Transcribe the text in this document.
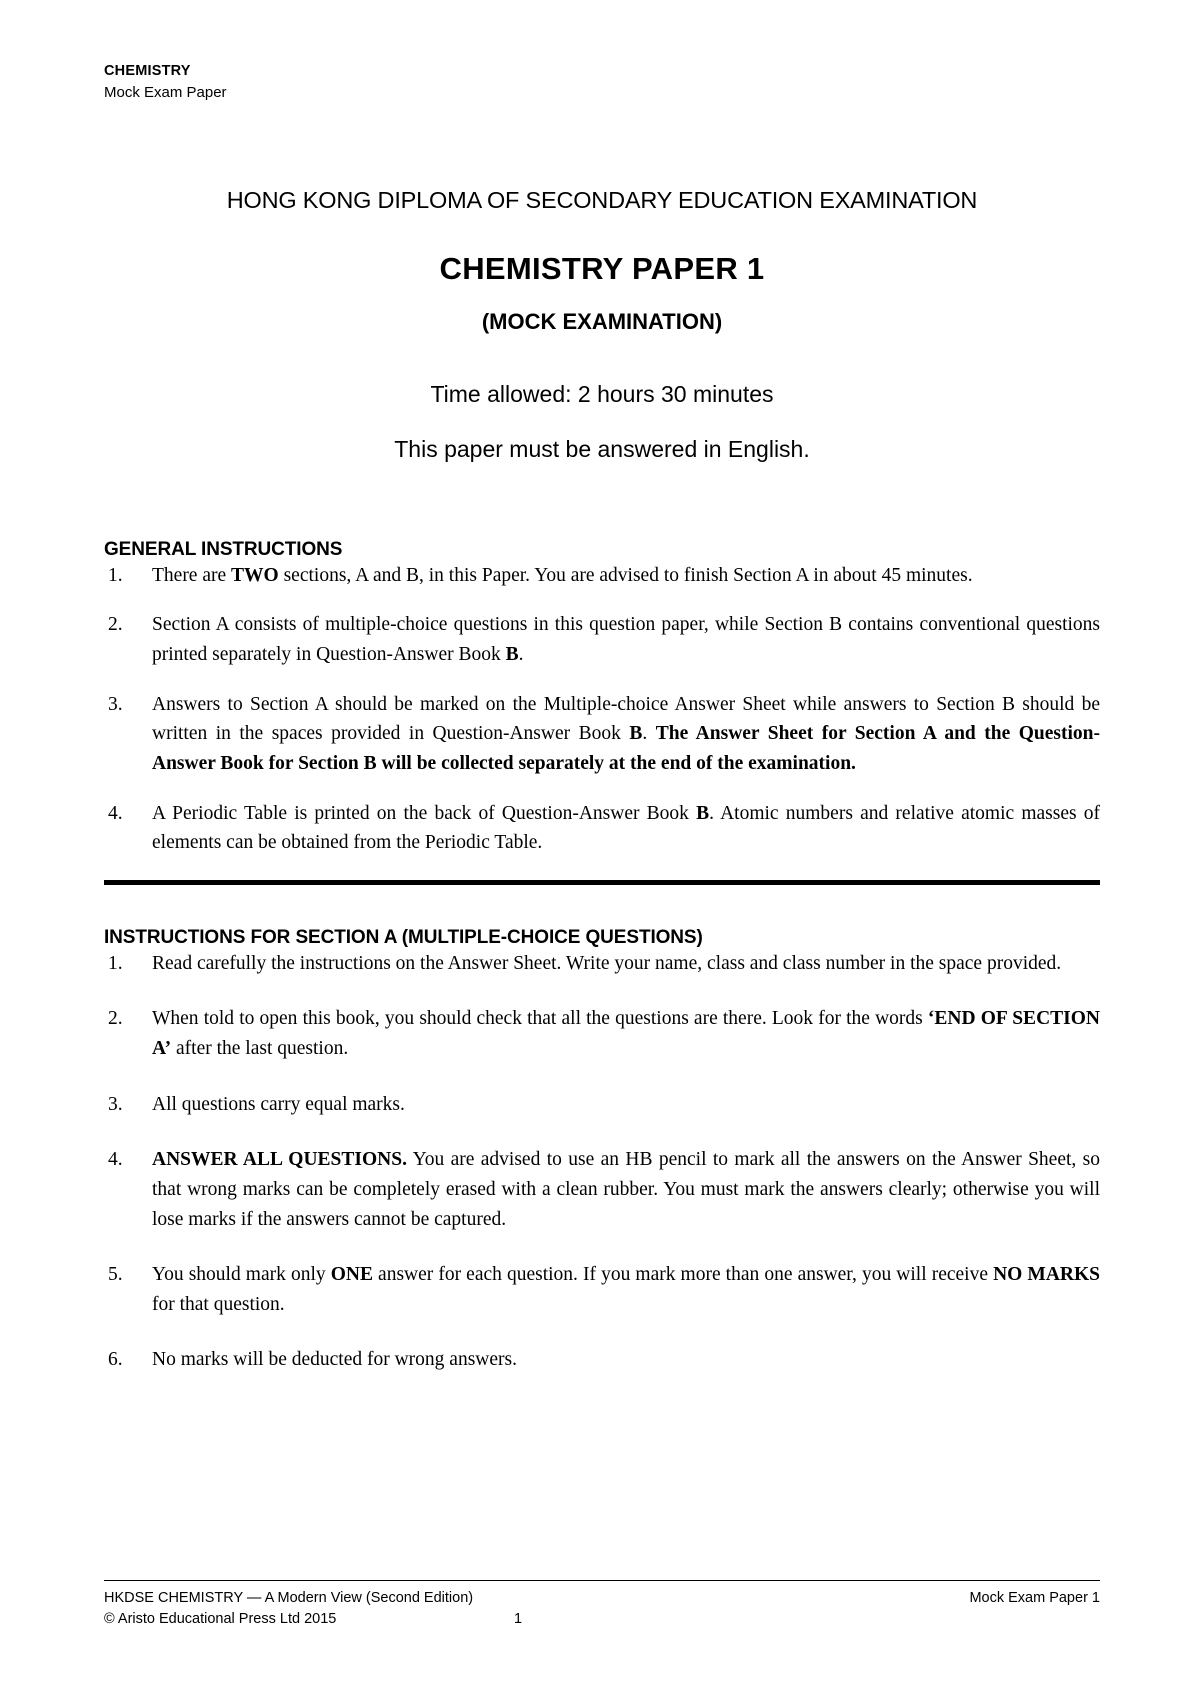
CHEMISTRY
Mock Exam Paper
HONG KONG DIPLOMA OF SECONDARY EDUCATION EXAMINATION
CHEMISTRY PAPER 1
(MOCK EXAMINATION)
Time allowed: 2 hours 30 minutes
This paper must be answered in English.
GENERAL INSTRUCTIONS
1. There are TWO sections, A and B, in this Paper. You are advised to finish Section A in about 45 minutes.
2. Section A consists of multiple-choice questions in this question paper, while Section B contains conventional questions printed separately in Question-Answer Book B.
3. Answers to Section A should be marked on the Multiple-choice Answer Sheet while answers to Section B should be written in the spaces provided in Question-Answer Book B. The Answer Sheet for Section A and the Question-Answer Book for Section B will be collected separately at the end of the examination.
4. A Periodic Table is printed on the back of Question-Answer Book B. Atomic numbers and relative atomic masses of elements can be obtained from the Periodic Table.
INSTRUCTIONS FOR SECTION A (MULTIPLE-CHOICE QUESTIONS)
1. Read carefully the instructions on the Answer Sheet. Write your name, class and class number in the space provided.
2. When told to open this book, you should check that all the questions are there. Look for the words ‘END OF SECTION A’ after the last question.
3. All questions carry equal marks.
4. ANSWER ALL QUESTIONS. You are advised to use an HB pencil to mark all the answers on the Answer Sheet, so that wrong marks can be completely erased with a clean rubber. You must mark the answers clearly; otherwise you will lose marks if the answers cannot be captured.
5. You should mark only ONE answer for each question. If you mark more than one answer, you will receive NO MARKS for that question.
6. No marks will be deducted for wrong answers.
HKDSE CHEMISTRY — A Modern View (Second Edition)	Mock Exam Paper 1
© Aristo Educational Press Ltd 2015	1
